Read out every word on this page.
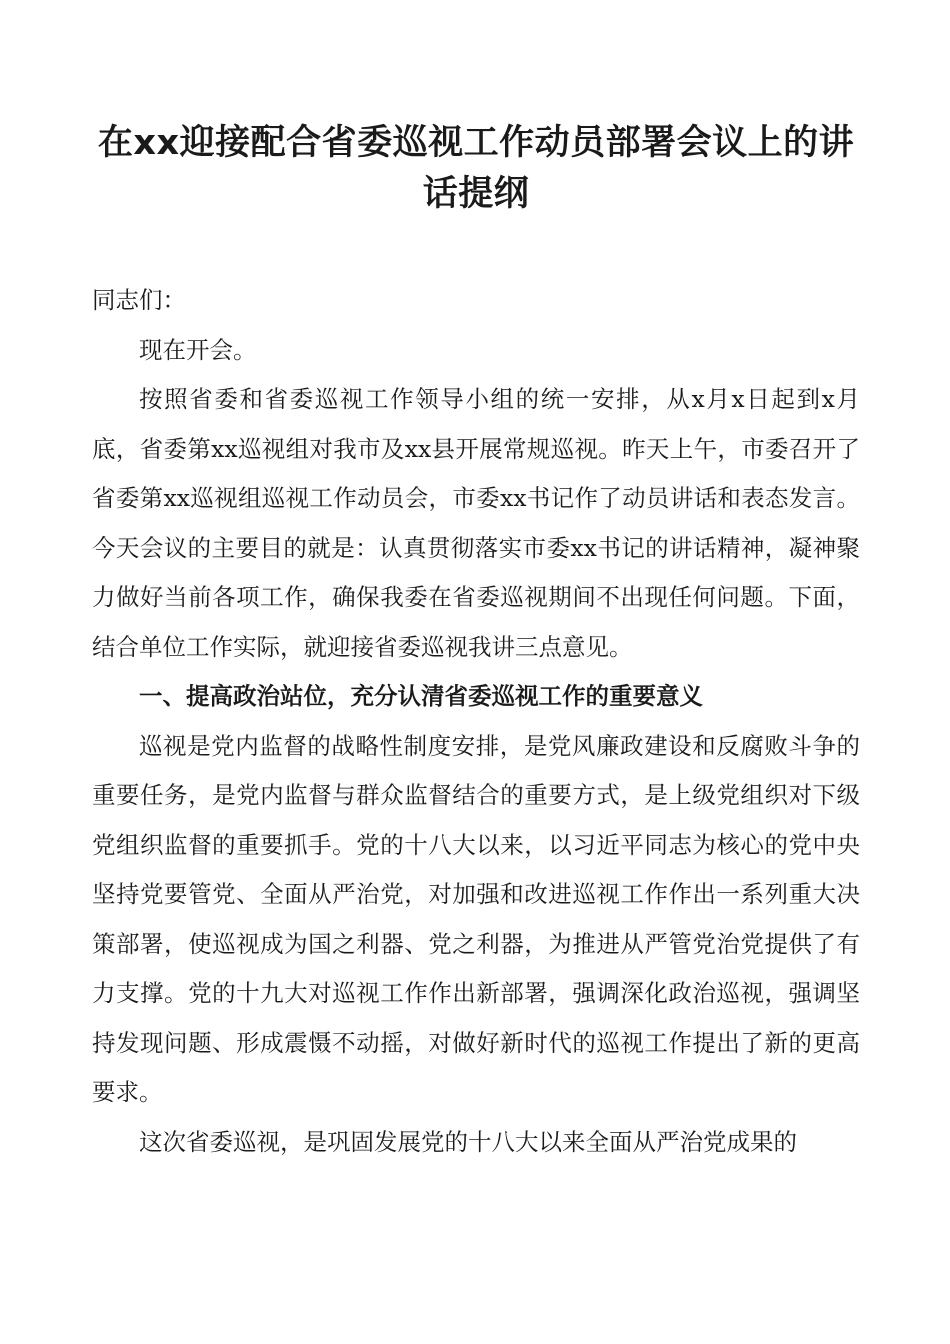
在xx迎接配合省委巡视工作动员部署会议上的讲
话提纲

同志们：

现在开会。

按照省委和省委巡视工作领导小组的统一安排，从x月x日起到x月底，省委第xx巡视组对我市及xx县开展常规巡视。昨天上午，市委召开了省委第xx巡视组巡视工作动员会，市委xx书记作了动员讲话和表态发言。今天会议的主要目的就是：认真贯彻落实市委xx书记的讲话精神，凝神聚力做好当前各项工作，确保我委在省委巡视期间不出现任何问题。下面，结合单位工作实际，就迎接省委巡视我讲三点意见。

一、提高政治站位，充分认清省委巡视工作的重要意义

巡视是党内监督的战略性制度安排，是党风廉政建设和反腐败斗争的重要任务，是党内监督与群众监督结合的重要方式，是上级党组织对下级党组织监督的重要抓手。党的十八大以来，以习近平同志为核心的党中央坚持党要管党、全面从严治党，对加强和改进巡视工作作出一系列重大决策部署，使巡视成为国之利器、党之利器，为推进从严管党治党提供了有力支撑。党的十九大对巡视工作作出新部署，强调深化政治巡视，强调坚持发现问题、形成震慑不动摇，对做好新时代的巡视工作提出了新的更高要求。

这次省委巡视，是巩固发展党的十八大以来全面从严治党成果的
